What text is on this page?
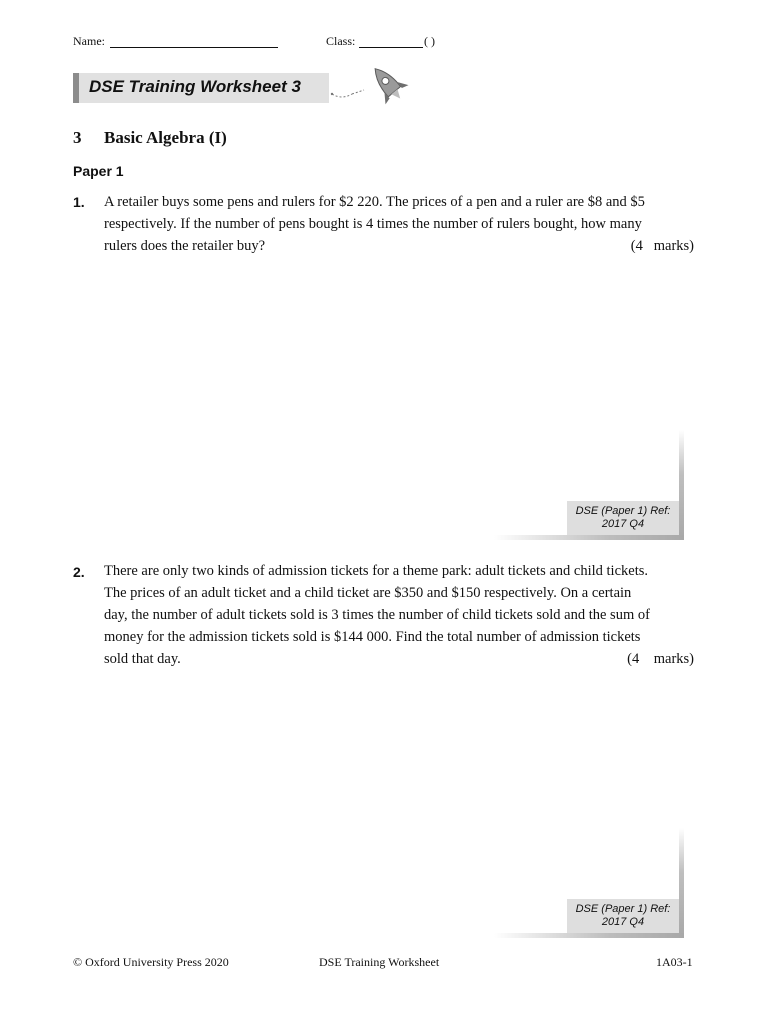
Name:	Class:	( )
DSE Training Worksheet 3
3 Basic Algebra (I)
Paper 1
1. A retailer buys some pens and rulers for $2 220. The prices of a pen and a ruler are $8 and $5
respectively. If the number of pens bought is 4 times the number of rulers bought, how many
rulers does the retailer buy?	(4   marks)
DSE (Paper 1) Ref:
2017 Q4
2. There are only two kinds of admission tickets for a theme park: adult tickets and child tickets.
The prices of an adult ticket and a child ticket are $350 and $150 respectively. On a certain
day, the number of adult tickets sold is 3 times the number of child tickets sold and the sum of
money for the admission tickets sold is $144 000. Find the total number of admission tickets
sold that day.	(4    marks)
DSE (Paper 1) Ref:
2017 Q4
© Oxford University Press 2020	DSE Training Worksheet	1A03-1
